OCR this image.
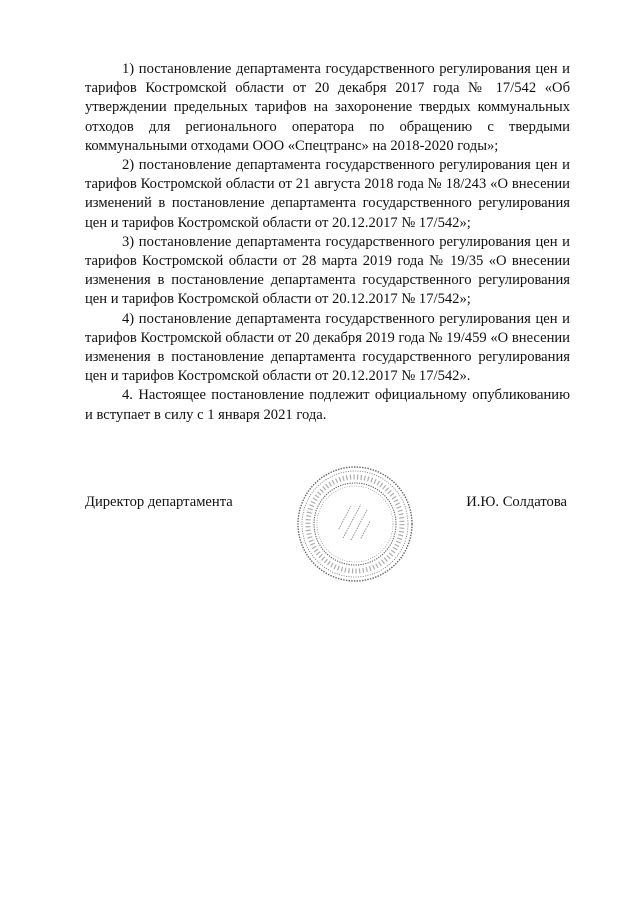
1) постановление департамента государственного регулирования цен и тарифов Костромской области от 20 декабря 2017 года № 17/542 «Об утверждении предельных тарифов на захоронение твердых коммунальных отходов для регионального оператора по обращению с твердыми коммунальными отходами ООО «Спецтранс» на 2018-2020 годы»;

2) постановление департамента государственного регулирования цен и тарифов Костромской области от 21 августа 2018 года № 18/243 «О внесении изменений в постановление департамента государственного регулирования цен и тарифов Костромской области от 20.12.2017 № 17/542»;

3) постановление департамента государственного регулирования цен и тарифов Костромской области от 28 марта 2019 года № 19/35 «О внесении изменения в постановление департамента государственного регулирования цен и тарифов Костромской области от 20.12.2017 № 17/542»;

4) постановление департамента государственного регулирования цен и тарифов Костромской области от 20 декабря 2019 года № 19/459 «О внесении изменения в постановление департамента государственного регулирования цен и тарифов Костромской области от 20.12.2017 № 17/542».

4. Настоящее постановление подлежит официальному опубликованию и вступает в силу с 1 января 2021 года.

Директор департамента	И.Ю. Солдатова
